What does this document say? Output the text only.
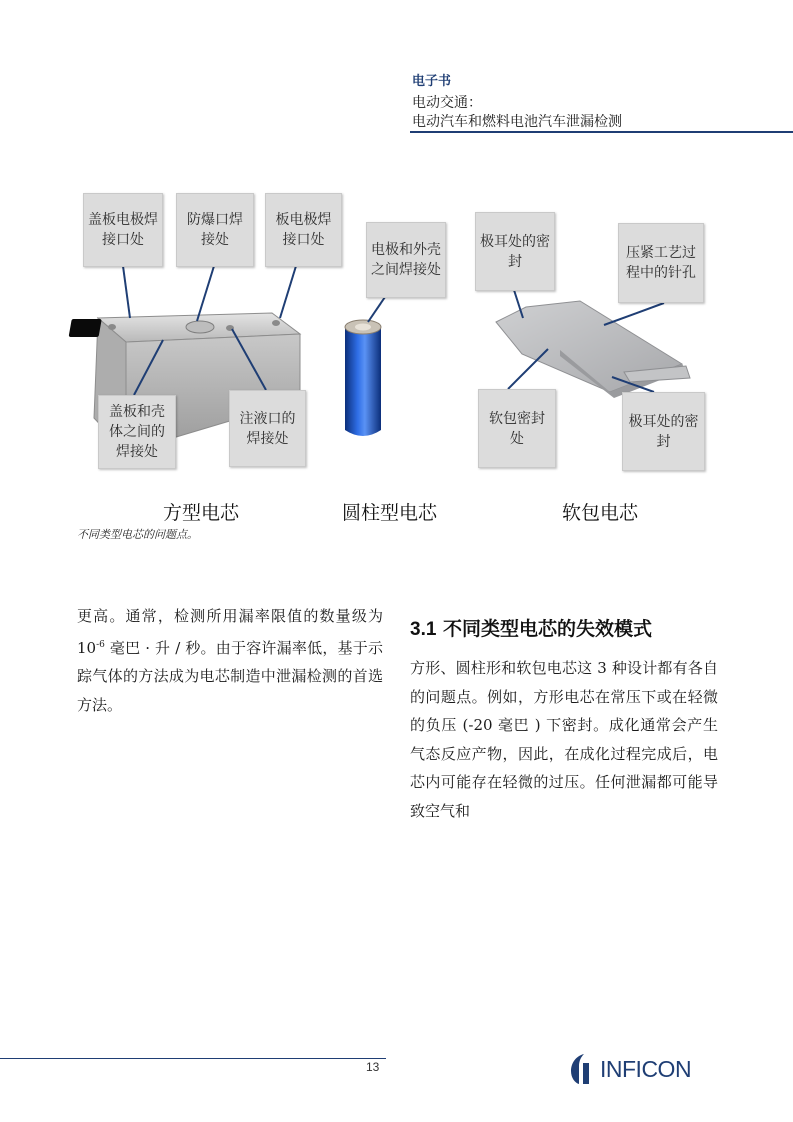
电子书
电动交通：
电动汽车和燃料电池汽车泄漏检测
盖板电极焊接口处
防爆口焊接处
板电极焊接口处
盖板和壳体之间的焊接处
注液口的焊接处
电极和外壳之间焊接处
极耳处的密封
压紧工艺过程中的针孔
软包密封处
极耳处的密封
方型电芯	圆柱型电芯	软包电芯
不同类型电芯的问题点。
更高。通常，检测所用漏率限值的数量级为 $10^{-6}$ 毫巴 · 升 / 秒。由于容许漏率低，基于示踪气体的方法成为电芯制造中泄漏检测的首选方法。
3.1 不同类型电芯的失效模式
方形、圆柱形和软包电芯这 3 种设计都有各自的问题点。例如，方形电芯在常压下或在轻微的负压 (-20 毫巴 ) 下密封。成化通常会产生气态反应产物，因此，在成化过程完成后，电芯内可能存在轻微的过压。任何泄漏都可能导致空气和
13	INFICON
